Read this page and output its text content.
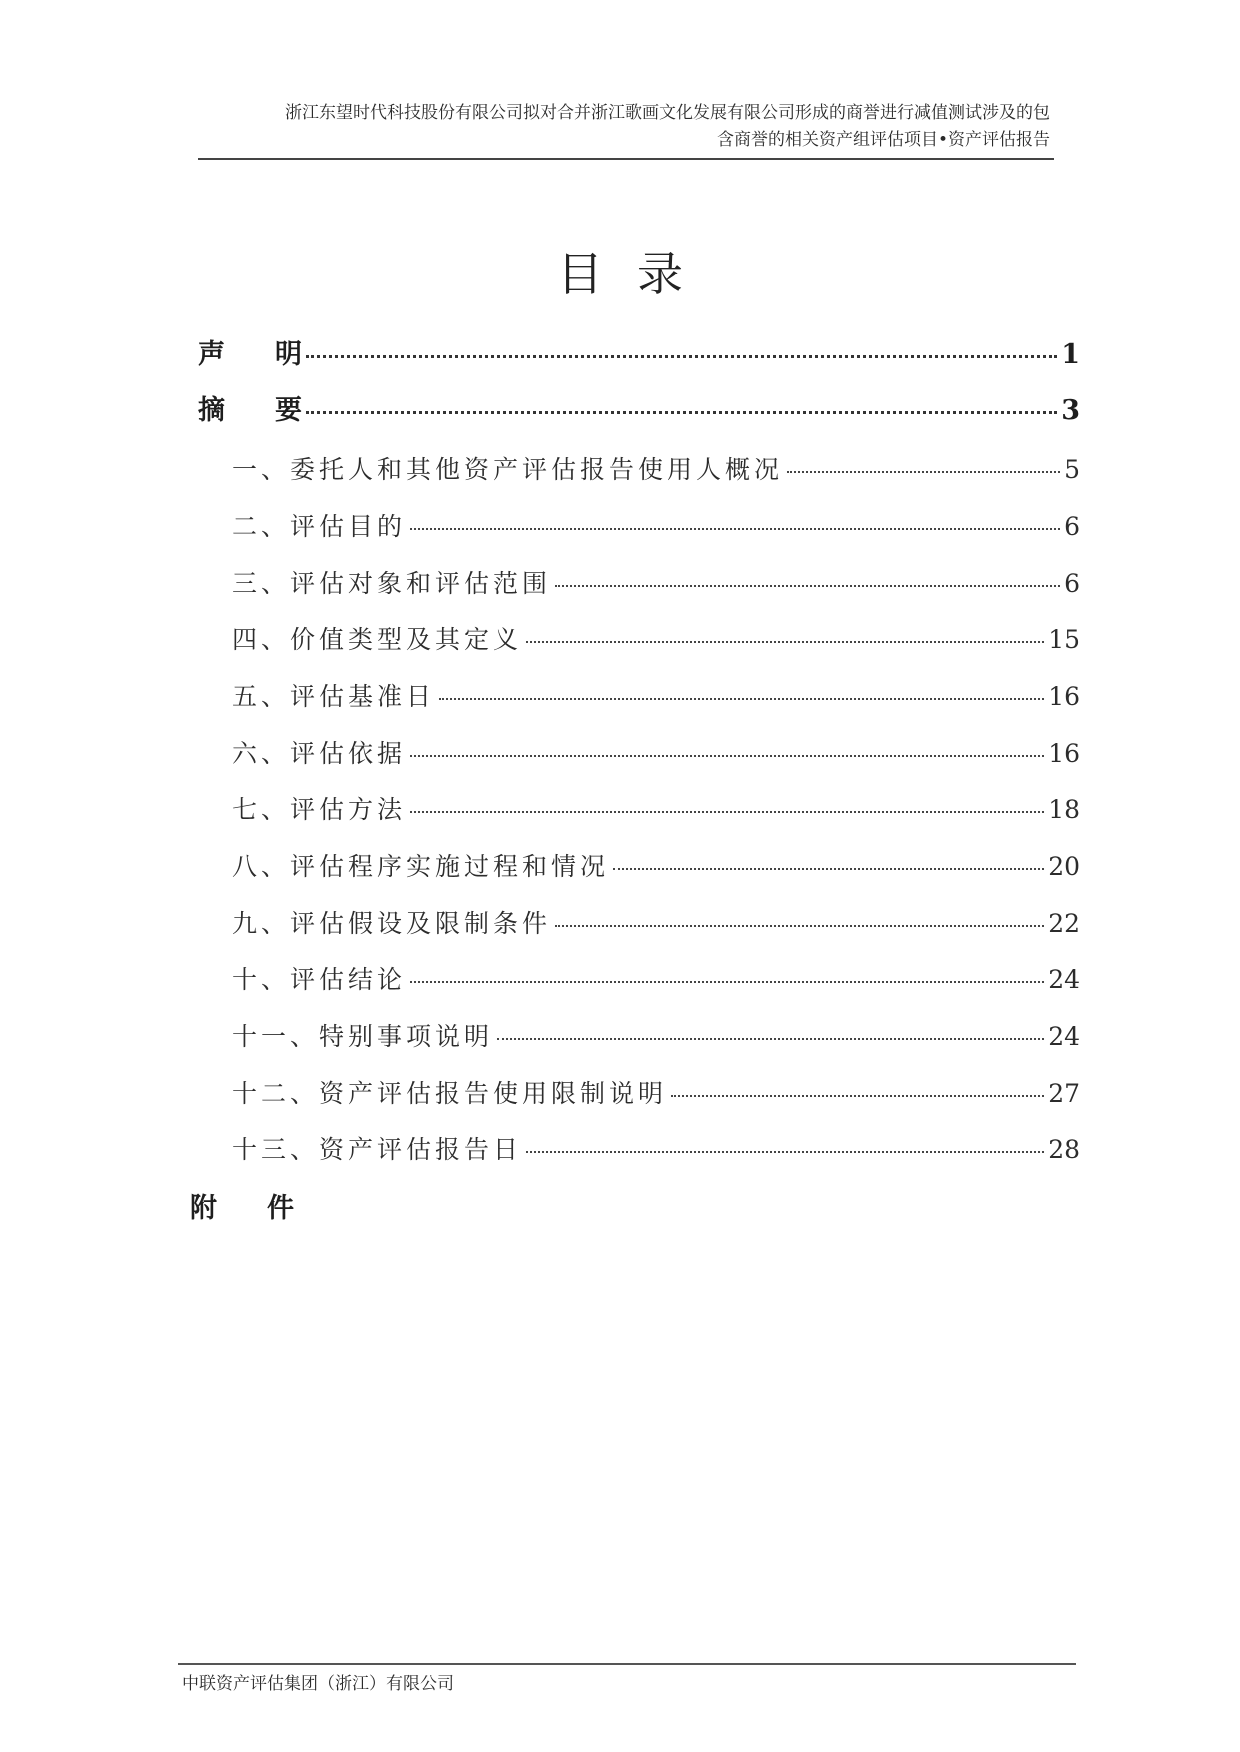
浙江东望时代科技股份有限公司拟对合并浙江歌画文化发展有限公司形成的商誉进行减值测试涉及的包
含商誉的相关资产组评估项目•资产评估报告
目录
声 明	1
摘 要	3
一、委托人和其他资产评估报告使用人概况	5
二、评估目的	6
三、评估对象和评估范围	6
四、价值类型及其定义	15
五、评估基准日	16
六、评估依据	16
七、评估方法	18
八、评估程序实施过程和情况	20
九、评估假设及限制条件	22
十、评估结论	24
十一、特别事项说明	24
十二、资产评估报告使用限制说明	27
十三、资产评估报告日	28
附 件
中联资产评估集团（浙江）有限公司
